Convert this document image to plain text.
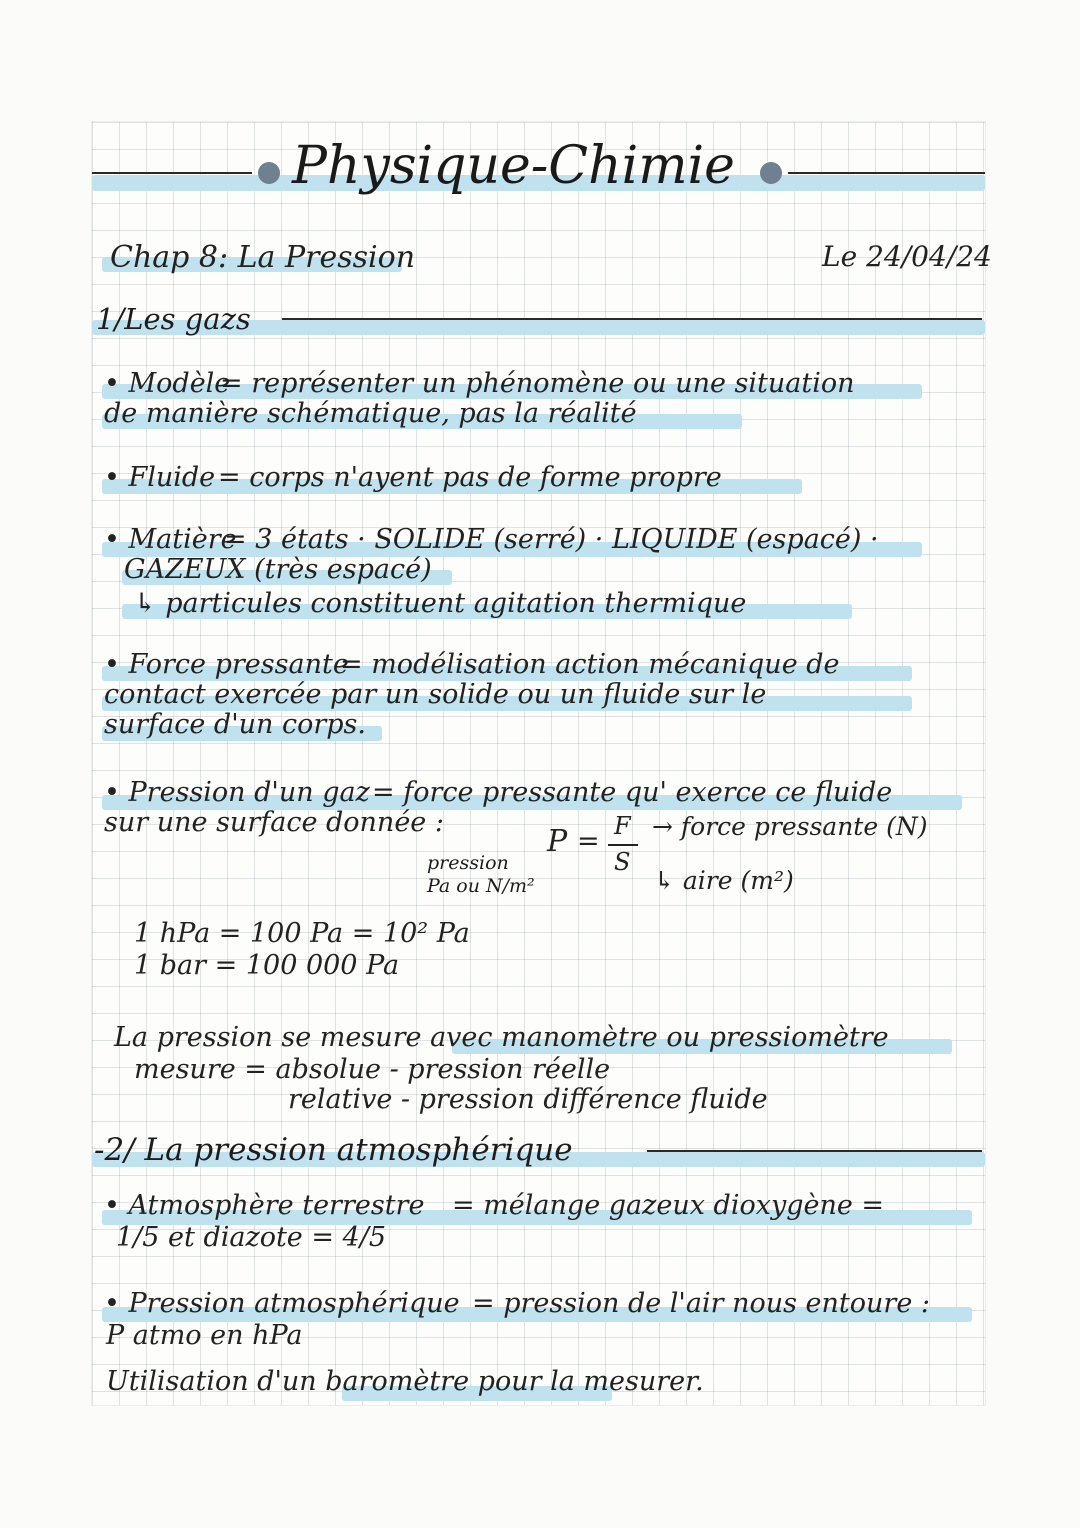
Physique-Chimie
Chap 8: La Pression	Le 24/04/24
1/Les gazs
• Modèle
= représenter un phénomène ou une situation
de manière schématique, pas la réalité
• Fluide = corps n'ayent pas de forme propre
• Matière
= 3 états · SOLIDE (serré) · LIQUIDE (espacé) ·
GAZEUX (très espacé)
↳ particules constituent agitation thermique
• Force pressante
= modélisation action mécanique de
contact exercée par un solide ou un fluide sur le
surface d'un corps.
• Pression d'un gaz = force pressante qu' exerce ce fluide
sur une surface donnée :
P = F
S
→ force pressante (N)
↳ aire (m²)
pression
Pa ou N/m²
1 hPa = 100 Pa = 10² Pa
1 bar = 100 000 Pa
La pression se mesure avec manomètre ou pressiomètre
mesure = absolue - pression réelle
relative - pression différence fluide
-2/ La pression atmosphérique
• Atmosphère terrestre = mélange gazeux dioxygène =
1/5 et diazote = 4/5
• Pression atmosphérique = pression de l'air nous entoure :
P atmo en hPa
Utilisation d'un baromètre pour la mesurer.
